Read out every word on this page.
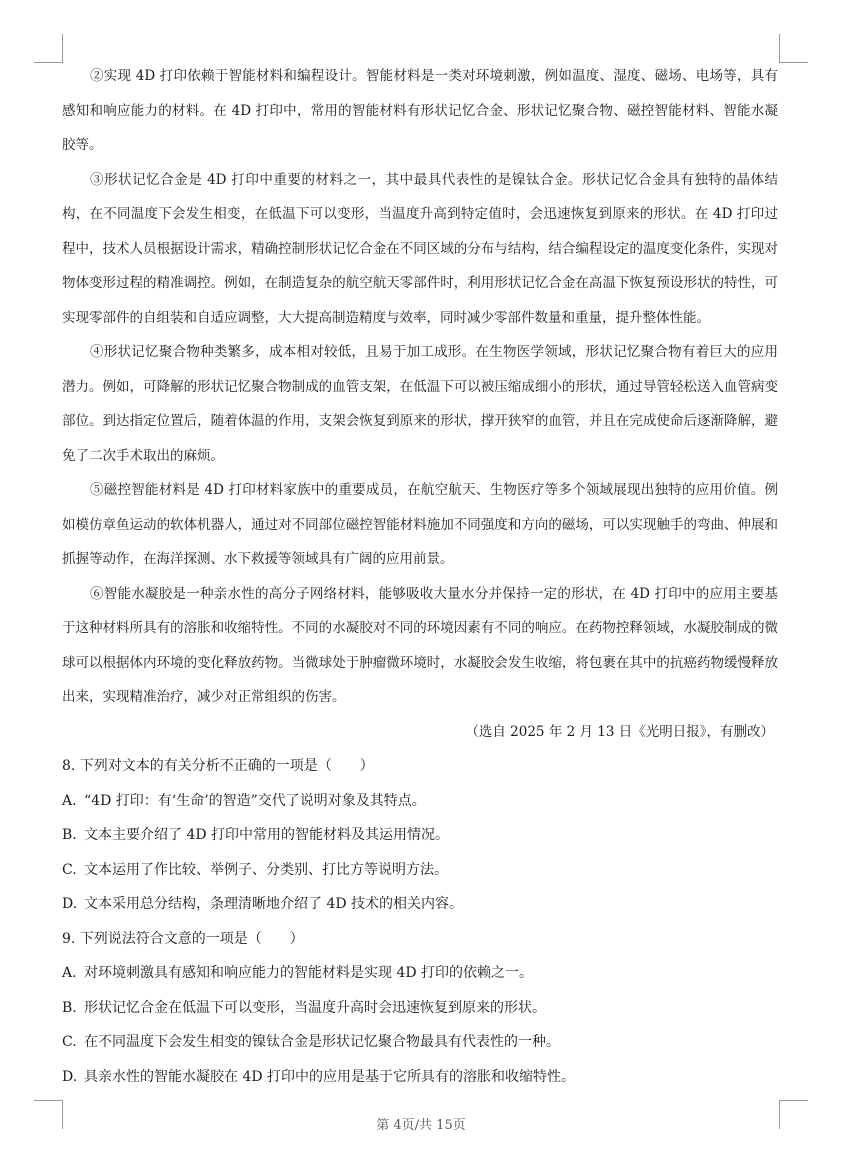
②实现 4D 打印依赖于智能材料和编程设计。智能材料是一类对环境刺激，例如温度、湿度、磁场、电场等，具有感知和响应能力的材料。在 4D 打印中，常用的智能材料有形状记忆合金、形状记忆聚合物、磁控智能材料、智能水凝胶等。

③形状记忆合金是 4D 打印中重要的材料之一，其中最具代表性的是镍钛合金。形状记忆合金具有独特的晶体结构，在不同温度下会发生相变，在低温下可以变形，当温度升高到特定值时，会迅速恢复到原来的形状。在 4D 打印过程中，技术人员根据设计需求，精确控制形状记忆合金在不同区域的分布与结构，结合编程设定的温度变化条件，实现对物体变形过程的精准调控。例如，在制造复杂的航空航天零部件时，利用形状记忆合金在高温下恢复预设形状的特性，可实现零部件的自组装和自适应调整，大大提高制造精度与效率，同时减少零部件数量和重量，提升整体性能。

④形状记忆聚合物种类繁多，成本相对较低，且易于加工成形。在生物医学领域，形状记忆聚合物有着巨大的应用潜力。例如，可降解的形状记忆聚合物制成的血管支架，在低温下可以被压缩成细小的形状，通过导管轻松送入血管病变部位。到达指定位置后，随着体温的作用，支架会恢复到原来的形状，撑开狭窄的血管，并且在完成使命后逐渐降解，避免了二次手术取出的麻烦。

⑤磁控智能材料是 4D 打印材料家族中的重要成员，在航空航天、生物医疗等多个领域展现出独特的应用价值。例如模仿章鱼运动的软体机器人，通过对不同部位磁控智能材料施加不同强度和方向的磁场，可以实现触手的弯曲、伸展和抓握等动作，在海洋探测、水下救援等领域具有广阔的应用前景。

⑥智能水凝胶是一种亲水性的高分子网络材料，能够吸收大量水分并保持一定的形状，在 4D 打印中的应用主要基于这种材料所具有的溶胀和收缩特性。不同的水凝胶对不同的环境因素有不同的响应。在药物控释领域，水凝胶制成的微球可以根据体内环境的变化释放药物。当微球处于肿瘤微环境时，水凝胶会发生收缩，将包裹在其中的抗癌药物缓慢释放出来，实现精准治疗，减少对正常组织的伤害。

（选自 2025 年 2 月 13 日《光明日报》，有删改）

8. 下列对文本的有关分析不正确的一项是（　　）

A. “4D 打印：有‘生命’的智造”交代了说明对象及其特点。

B. 文本主要介绍了 4D 打印中常用的智能材料及其运用情况。

C. 文本运用了作比较、举例子、分类别、打比方等说明方法。

D. 文本采用总分结构，条理清晰地介绍了 4D 技术的相关内容。

9. 下列说法符合文意的一项是（　　）

A. 对环境刺激具有感知和响应能力的智能材料是实现 4D 打印的依赖之一。

B. 形状记忆合金在低温下可以变形，当温度升高时会迅速恢复到原来的形状。

C. 在不同温度下会发生相变的镍钛合金是形状记忆聚合物最具有代表性的一种。

D. 具亲水性的智能水凝胶在 4D 打印中的应用是基于它所具有的溶胀和收缩特性。

第 4页/共 15页
